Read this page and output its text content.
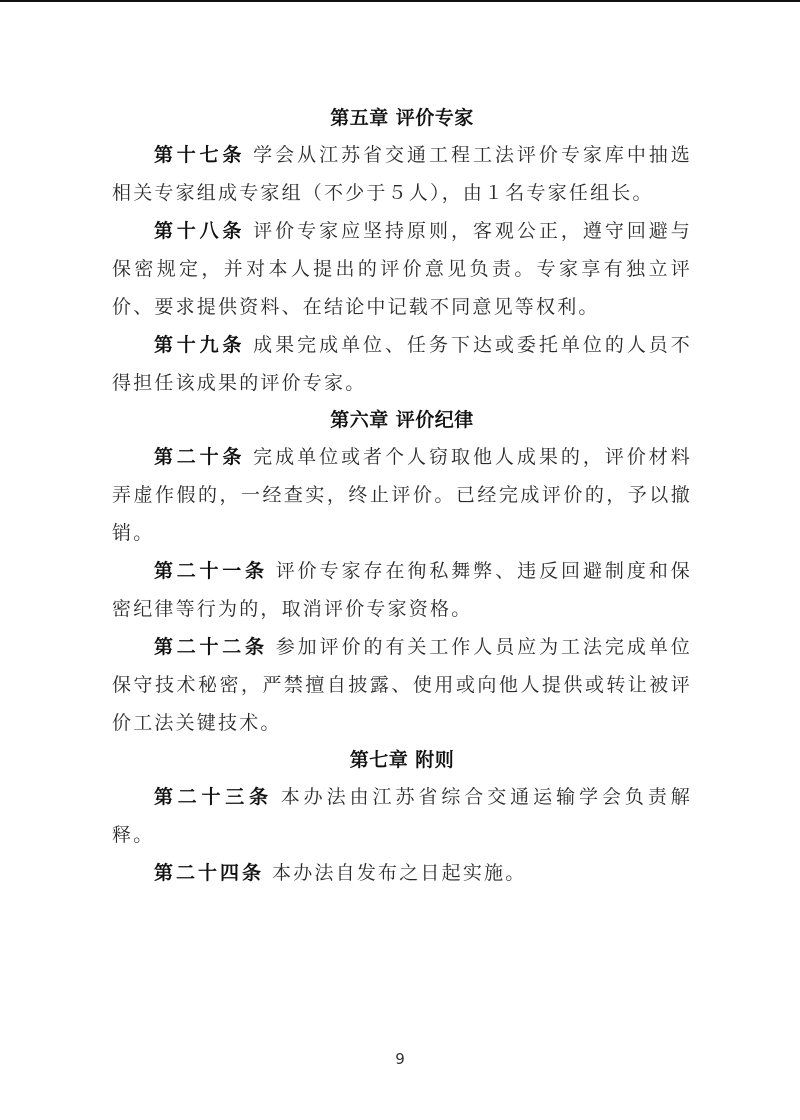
第五章 评价专家

第十七条 学会从江苏省交通工程工法评价专家库中抽选相关专家组成专家组（不少于５人），由１名专家任组长。

第十八条 评价专家应坚持原则，客观公正，遵守回避与保密规定，并对本人提出的评价意见负责。专家享有独立评价、要求提供资料、在结论中记载不同意见等权利。

第十九条 成果完成单位、任务下达或委托单位的人员不得担任该成果的评价专家。

第六章 评价纪律

第二十条 完成单位或者个人窃取他人成果的，评价材料弄虚作假的，一经查实，终止评价。已经完成评价的，予以撤销。

第二十一条 评价专家存在徇私舞弊、违反回避制度和保密纪律等行为的，取消评价专家资格。

第二十二条 参加评价的有关工作人员应为工法完成单位保守技术秘密，严禁擅自披露、使用或向他人提供或转让被评价工法关键技术。

第七章 附则

第二十三条 本办法由江苏省综合交通运输学会负责解释。

第二十四条 本办法自发布之日起实施。

9
